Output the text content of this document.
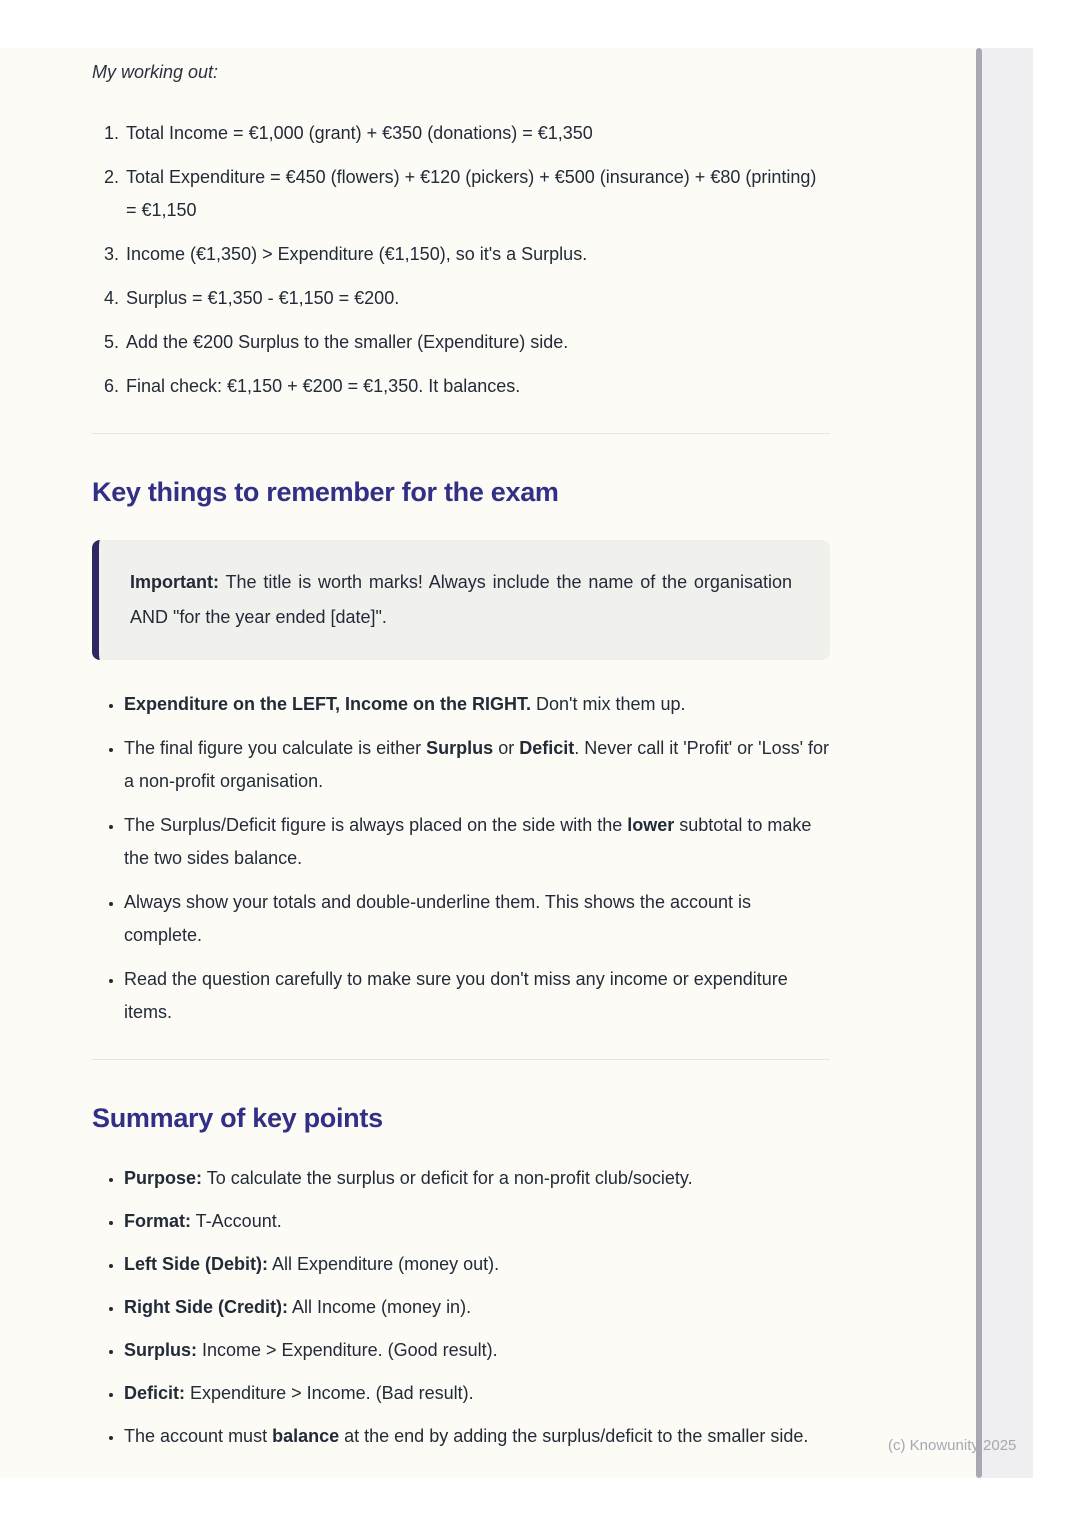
My working out:

1. Total Income = €1,000 (grant) + €350 (donations) = €1,350
2. Total Expenditure = €450 (flowers) + €120 (pickers) + €500 (insurance) + €80 (printing) = €1,150
3. Income (€1,350) > Expenditure (€1,150), so it's a Surplus.
4. Surplus = €1,350 - €1,150 = €200.
5. Add the €200 Surplus to the smaller (Expenditure) side.
6. Final check: €1,150 + €200 = €1,350. It balances.
Key things to remember for the exam

Important: The title is worth marks! Always include the name of the organisation AND "for the year ended [date]".

• Expenditure on the LEFT, Income on the RIGHT. Don't mix them up.
• The final figure you calculate is either Surplus or Deficit. Never call it 'Profit' or 'Loss' for a non-profit organisation.
• The Surplus/Deficit figure is always placed on the side with the lower subtotal to make the two sides balance.
• Always show your totals and double-underline them. This shows the account is complete.
• Read the question carefully to make sure you don't miss any income or expenditure items.
Summary of key points
• Purpose: To calculate the surplus or deficit for a non-profit club/society.
• Format: T-Account.
• Left Side (Debit): All Expenditure (money out).
• Right Side (Credit): All Income (money in).
• Surplus: Income > Expenditure. (Good result).
• Deficit: Expenditure > Income. (Bad result).
• The account must balance at the end by adding the surplus/deficit to the smaller side.	(c) Knowunity 2025
